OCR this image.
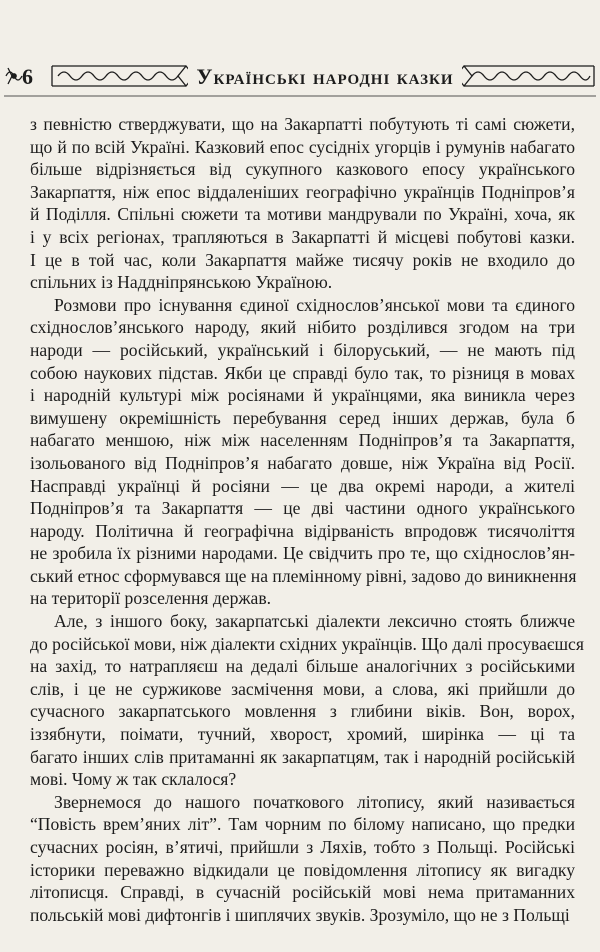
6	Українські народні казки
з певністю стверджувати, що на Закарпатті побутують ті самі сюжети,
що й по всій Україні. Казковий епос сусідніх угорців і румунів набагато
більше відрізняється від сукупного казкового епосу українського
Закарпаття, ніж епос віддаленіших географічно українців Подніпров’я
й Поділля. Спільні сюжети та мотиви мандрували по Україні, хоча, як
і у всіх регіонах, трапляються в Закарпатті й місцеві побутові казки.
І це в той час, коли Закарпаття майже тисячу років не входило до
спільних із Наддніпрянською Україною.
Розмови про існування єдиної східнослов’янської мови та єдиного
східнослов’янського народу, який нібито розділився згодом на три
народи — російський, український і білоруський, — не мають під
собою наукових підстав. Якби це справді було так, то різниця в мовах
і народній культурі між росіянами й українцями, яка виникла через
вимушену окремішність перебування серед інших держав, була б
набагато меншою, ніж між населенням Подніпров’я та Закарпаття,
ізольованого від Подніпров’я набагато довше, ніж Україна від Росії.
Насправді українці й росіяни — це два окремі народи, а жителі
Подніпров’я та Закарпаття — це дві частини одного українського
народу. Політична й географічна відірваність впродовж тисячоліття
не зробила їх різними народами. Це свідчить про те, що східнослов’ян-
ський етнос сформувався ще на племінному рівні, задово до виникнення
на території розселення держав.
Але, з іншого боку, закарпатські діалекти лексично стоять ближче
до російської мови, ніж діалекти східних українців. Що далі просуваєшся
на захід, то натрапляєш на дедалі більше аналогічних з російськими
слів, і це не суржикове засмічення мови, а слова, які прийшли до
сучасного закарпатського мовлення з глибини віків. Вон, ворох,
іззябнути, поімати, тучний, хворост, хромий, ширінка — ці та
багато інших слів притаманні як закарпатцям, так і народній російській
мові. Чому ж так склалося?
Звернемося до нашого початкового літопису, який називається
“Повість врем’яних літ”. Там чорним по білому написано, що предки
сучасних росіян, в’ятичі, прийшли з Ляхів, тобто з Польщі. Російські
історики переважно відкидали це повідомлення літопису як вигадку
літописця. Справді, в сучасній російській мові нема притаманних
польській мові дифтонгів і шиплячих звуків. Зрозуміло, що не з Польщі
